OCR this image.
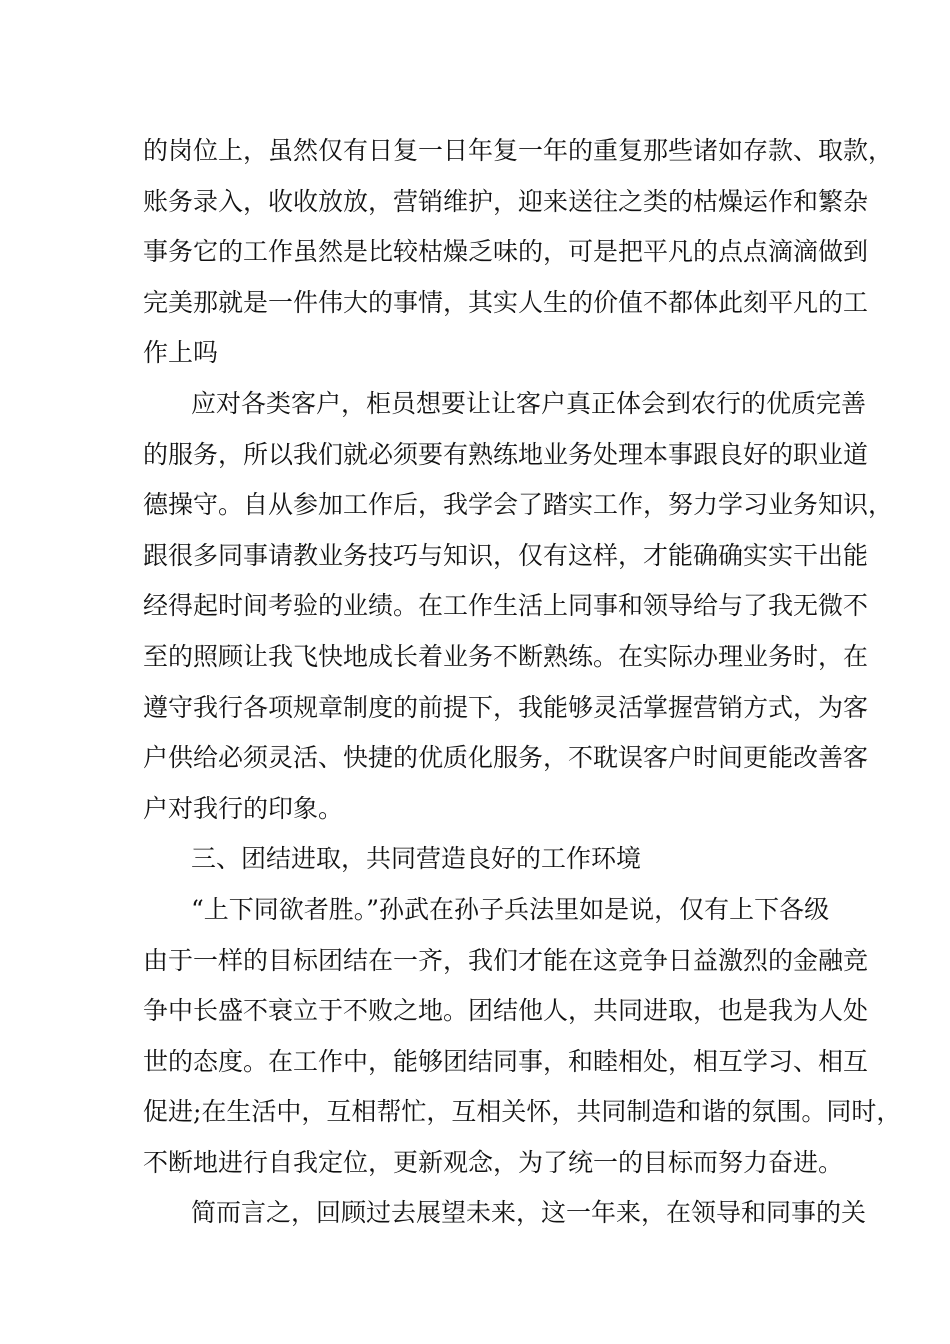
的岗位上，虽然仅有日复一日年复一年的重复那些诸如存款、取款，
账务录入，收收放放，营销维护，迎来送往之类的枯燥运作和繁杂
事务它的工作虽然是比较枯燥乏味的，可是把平凡的点点滴滴做到
完美那就是一件伟大的事情，其实人生的价值不都体此刻平凡的工
作上吗
应对各类客户，柜员想要让让客户真正体会到农行的优质完善
的服务，所以我们就必须要有熟练地业务处理本事跟良好的职业道
德操守。自从参加工作后，我学会了踏实工作，努力学习业务知识，
跟很多同事请教业务技巧与知识，仅有这样，才能确确实实干出能
经得起时间考验的业绩。在工作生活上同事和领导给与了我无微不
至的照顾让我飞快地成长着业务不断熟练。在实际办理业务时，在
遵守我行各项规章制度的前提下，我能够灵活掌握营销方式，为客
户供给必须灵活、快捷的优质化服务，不耽误客户时间更能改善客
户对我行的印象。
三、团结进取，共同营造良好的工作环境
“上下同欲者胜。”孙武在孙子兵法里如是说，仅有上下各级
由于一样的目标团结在一齐，我们才能在这竞争日益激烈的金融竞
争中长盛不衰立于不败之地。团结他人，共同进取，也是我为人处
世的态度。在工作中，能够团结同事，和睦相处，相互学习、相互
促进;在生活中，互相帮忙，互相关怀，共同制造和谐的氛围。同时，
不断地进行自我定位，更新观念，为了统一的目标而努力奋进。
简而言之，回顾过去展望未来，这一年来，在领导和同事的关
